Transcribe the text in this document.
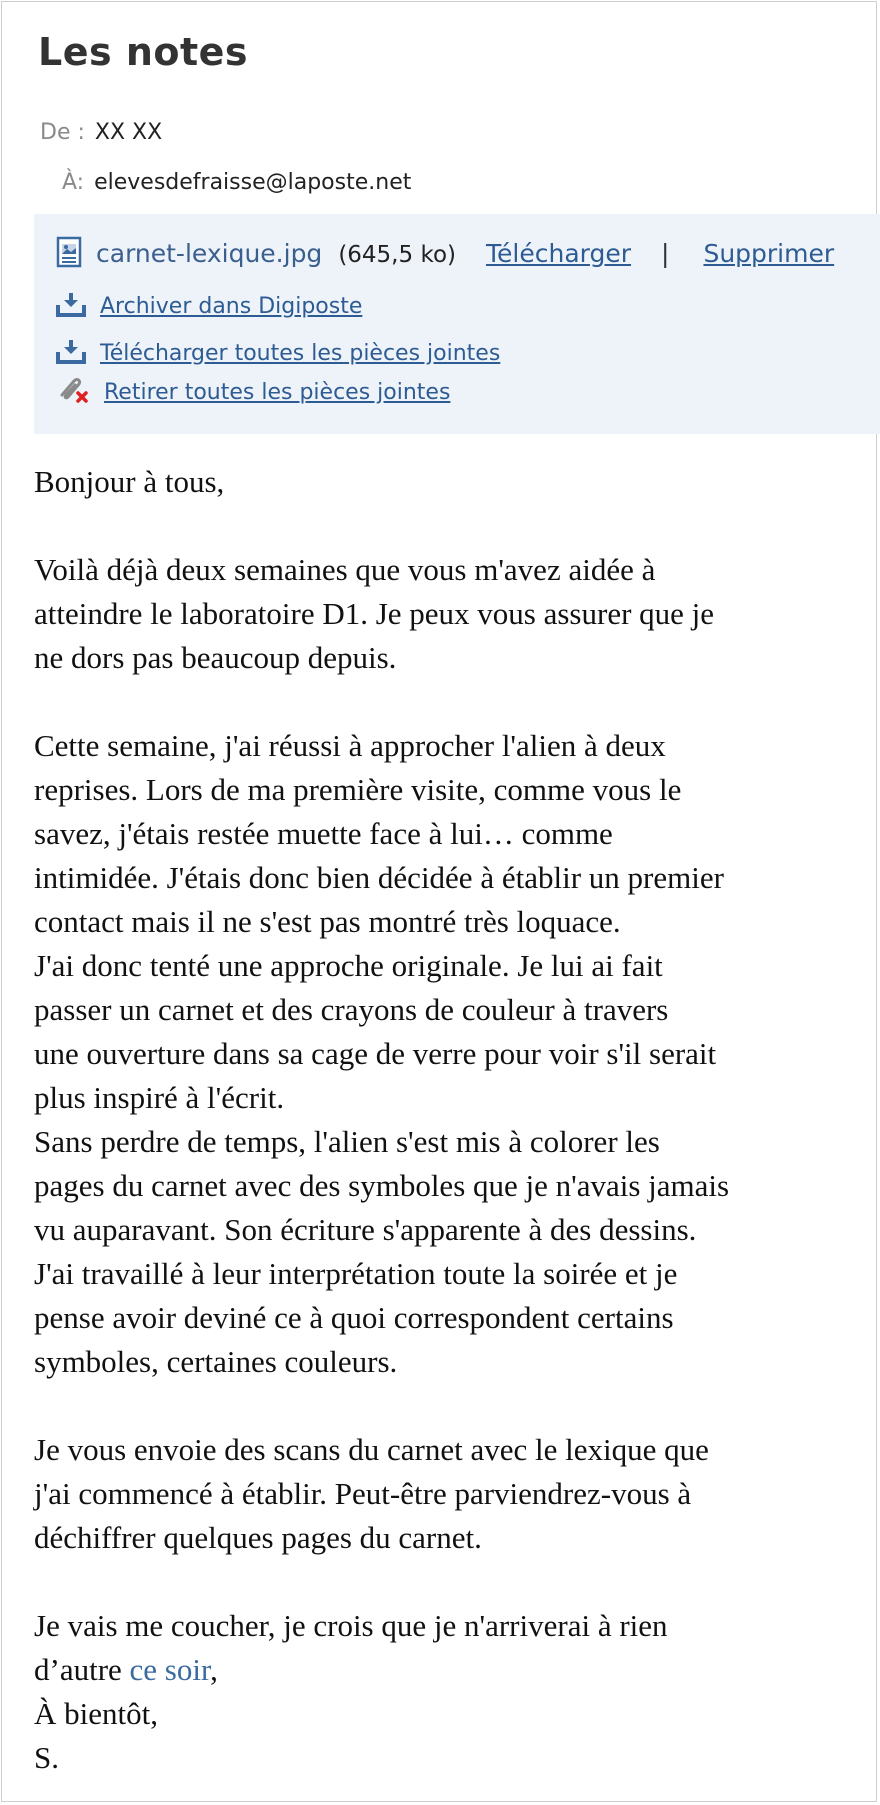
Les notes
De : XX XX
À: elevesdefraisse@laposte.net
carnet-lexique.jpg (645,5 ko) Télécharger | Supprimer
Archiver dans Digiposte
Télécharger toutes les pièces jointes
Retirer toutes les pièces jointes

Bonjour à tous,

Voilà déjà deux semaines que vous m'avez aidée à

atteindre le laboratoire D1. Je peux vous assurer que je

ne dors pas beaucoup depuis.

Cette semaine, j'ai réussi à approcher l'alien à deux

reprises. Lors de ma première visite, comme vous le

savez, j'étais restée muette face à lui… comme

intimidée. J'étais donc bien décidée à établir un premier

contact mais il ne s'est pas montré très loquace.

J'ai donc tenté une approche originale. Je lui ai fait

passer un carnet et des crayons de couleur à travers

une ouverture dans sa cage de verre pour voir s'il serait

plus inspiré à l'écrit.

Sans perdre de temps, l'alien s'est mis à colorer les

pages du carnet avec des symboles que je n'avais jamais

vu auparavant. Son écriture s'apparente à des dessins.

J'ai travaillé à leur interprétation toute la soirée et je

pense avoir deviné ce à quoi correspondent certains

symboles, certaines couleurs.

Je vous envoie des scans du carnet avec le lexique que

j'ai commencé à établir. Peut-être parviendrez-vous à

déchiffrer quelques pages du carnet.

Je vais me coucher, je crois que je n'arriverai à rien

d’autre ce soir,

À bientôt,

S.
